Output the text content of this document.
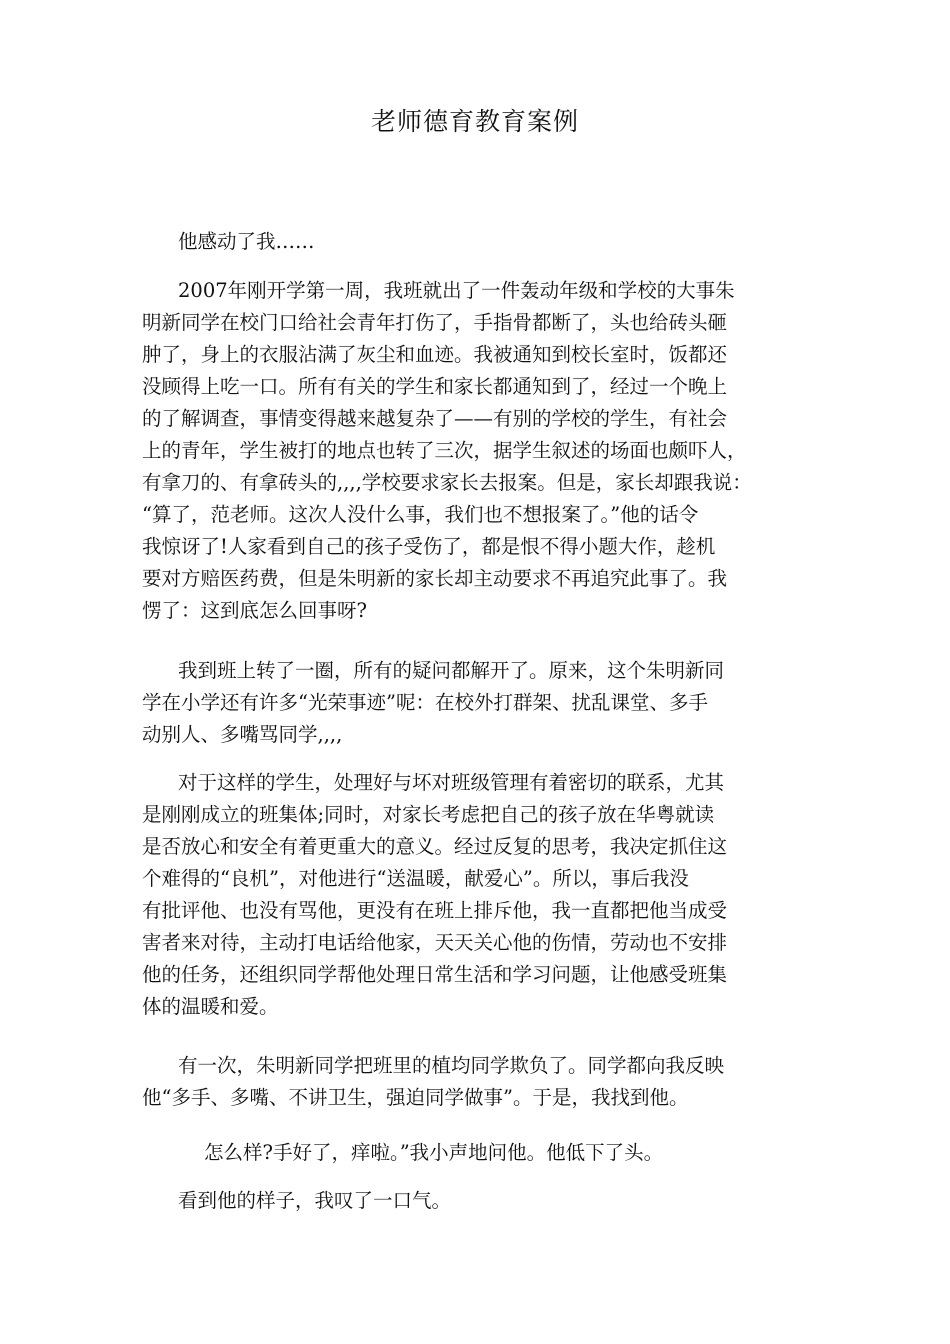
老师德育教育案例
他感动了我……
2007年刚开学第一周，我班就出了一件轰动年级和学校的大事朱
明新同学在校门口给社会青年打伤了，手指骨都断了，头也给砖头砸
肿了，身上的衣服沾满了灰尘和血迹。我被通知到校长室时，饭都还
没顾得上吃一口。所有有关的学生和家长都通知到了，经过一个晚上
的了解调查，事情变得越来越复杂了——有别的学校的学生，有社会
上的青年，学生被打的地点也转了三次，据学生叙述的场面也颇吓人，
有拿刀的、有拿砖头的,,,,学校要求家长去报案。但是，家长却跟我说：
“算了，范老师。这次人没什么事，我们也不想报案了。”他的话令
我惊讶了!人家看到自己的孩子受伤了，都是恨不得小题大作，趁机
要对方赔医药费，但是朱明新的家长却主动要求不再追究此事了。我
愣了：这到底怎么回事呀?
我到班上转了一圈，所有的疑问都解开了。原来，这个朱明新同
学在小学还有许多“光荣事迹”呢：在校外打群架、扰乱课堂、多手
动别人、多嘴骂同学,,,,
对于这样的学生，处理好与坏对班级管理有着密切的联系，尤其
是刚刚成立的班集体;同时，对家长考虑把自己的孩子放在华粤就读
是否放心和安全有着更重大的意义。经过反复的思考，我决定抓住这
个难得的“良机”，对他进行“送温暖，献爱心”。所以，事后我没
有批评他、也没有骂他，更没有在班上排斥他，我一直都把他当成受
害者来对待，主动打电话给他家，天天关心他的伤情，劳动也不安排
他的任务，还组织同学帮他处理日常生活和学习问题，让他感受班集
体的温暖和爱。
有一次，朱明新同学把班里的植均同学欺负了。同学都向我反映
他“多手、多嘴、不讲卫生，强迫同学做事”。于是，我找到他。
怎么样?手好了，痒啦。”我小声地问他。他低下了头。
看到他的样子，我叹了一口气。
